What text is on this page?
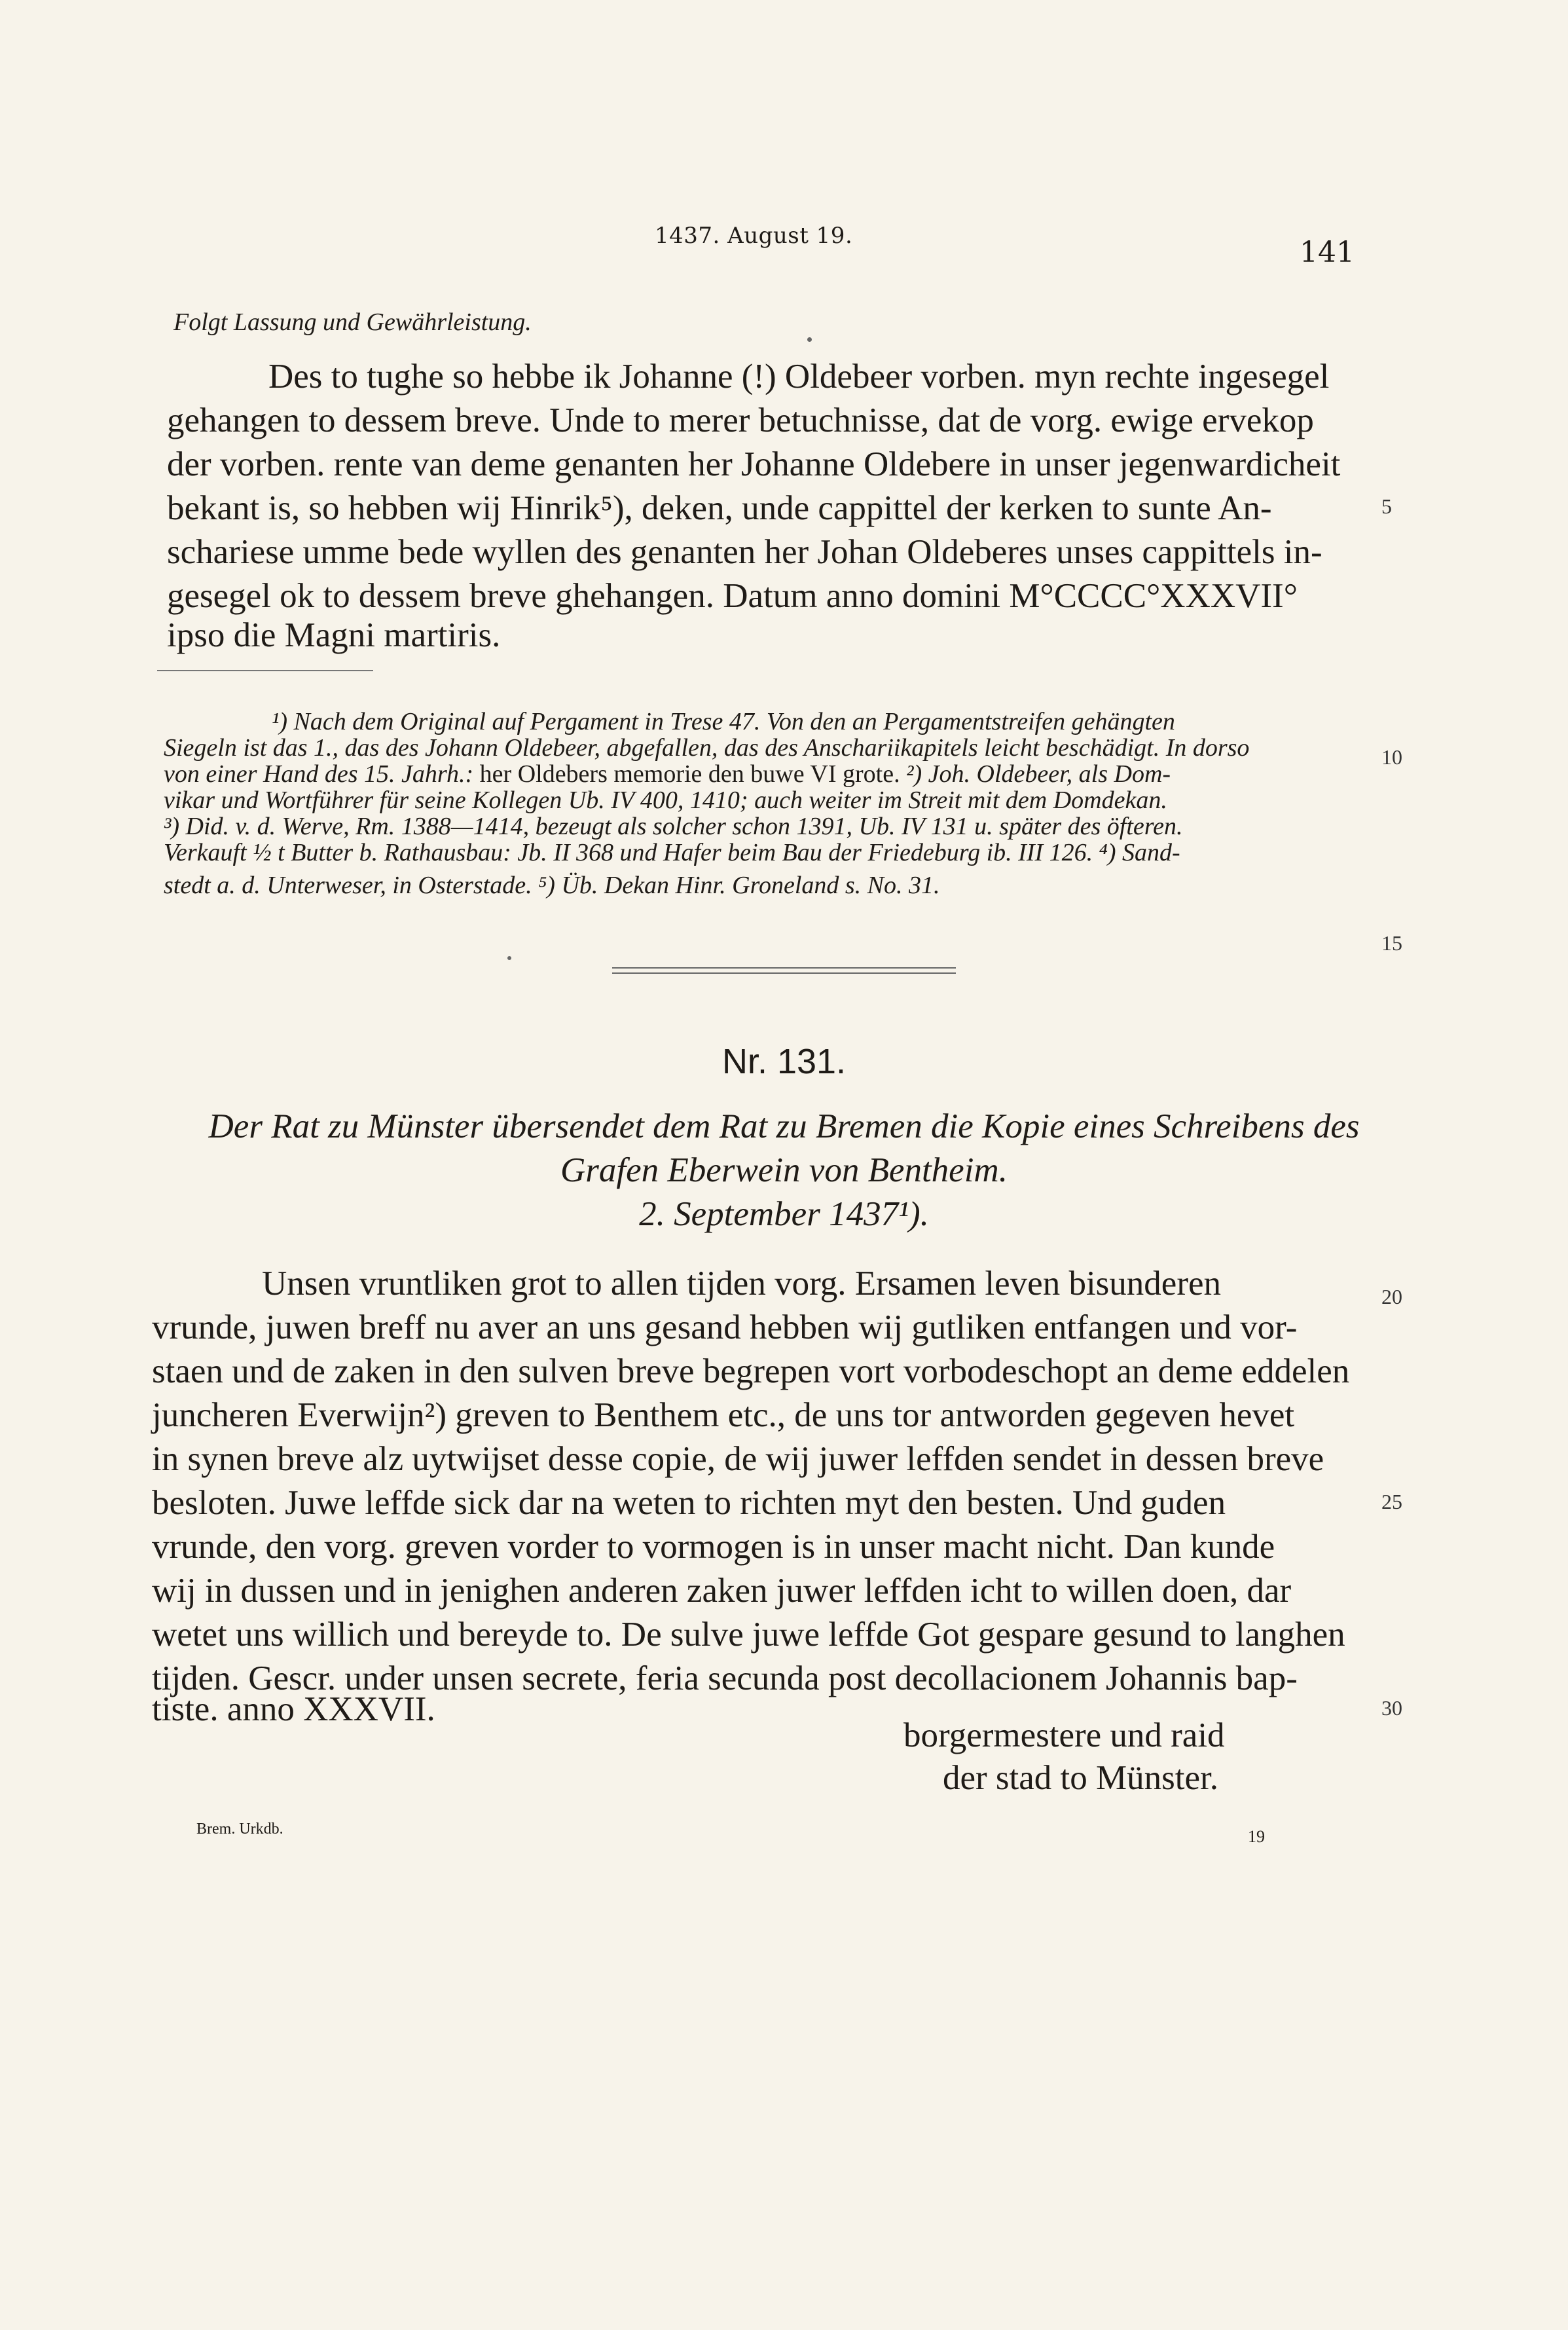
1437. August 19.	141
Folgt Lassung und Gewährleistung.
Des to tughe so hebbe ik Johanne (!) Oldebeer vorben. myn rechte ingesegel
gehangen to dessem breve. Unde to merer betuchnisse, dat de vorg. ewige ervekop
der vorben. rente van deme genanten her Johanne Oldebere in unser jegenwardicheit
bekant is, so hebben wij Hinrik⁵), deken, unde cappittel der kerken to sunte An-
schariese umme bede wyllen des genanten her Johan Oldeberes unses cappittels in-
gesegel ok to dessem breve ghehangen. Datum anno domini M°CCCC°XXXVII°
ipso die Magni martiris.
¹) Nach dem Original auf Pergament in Trese 47. Von den an Pergamentstreifen gehängten
Siegeln ist das 1., das des Johann Oldebeer, abgefallen, das des Anschariikapitels leicht beschädigt. In dorso
von einer Hand des 15. Jahrh.: her Oldebers memorie den buwe VI grote. ²) Joh. Oldebeer, als Dom-
vikar und Wortführer für seine Kollegen Ub. IV 400, 1410; auch weiter im Streit mit dem Domdekan.
³) Did. v. d. Werve, Rm. 1388—1414, bezeugt als solcher schon 1391, Ub. IV 131 u. später des öfteren.
Verkauft ½ t Butter b. Rathausbau: Jb. II 368 und Hafer beim Bau der Friedeburg ib. III 126. ⁴) Sand-
stedt a. d. Unterweser, in Osterstade. ⁵) Üb. Dekan Hinr. Groneland s. No. 31.
Nr. 131.
Der Rat zu Münster übersendet dem Rat zu Bremen die Kopie eines Schreibens des
Grafen Eberwein von Bentheim.
2. September 1437¹).
Unsen vruntliken grot to allen tijden vorg. Ersamen leven bisunderen
vrunde, juwen breff nu aver an uns gesand hebben wij gutliken entfangen und vor-
staen und de zaken in den sulven breve begrepen vort vorbodeschopt an deme eddelen
juncheren Everwijn²) greven to Benthem etc., de uns tor antworden gegeven hevet
in synen breve alz uytwijset desse copie, de wij juwer leffden sendet in dessen breve
besloten. Juwe leffde sick dar na weten to richten myt den besten. Und guden
vrunde, den vorg. greven vorder to vormogen is in unser macht nicht. Dan kunde
wij in dussen und in jenighen anderen zaken juwer leffden icht to willen doen, dar
wetet uns willich und bereyde to. De sulve juwe leffde Got gespare gesund to langhen
tijden. Gescr. under unsen secrete, feria secunda post decollacionem Johannis bap-
tiste. anno XXXVII.
borgermestere und raid
der stad to Münster.
5
10
15
20
25
30
Brem. Urkdb.	19
